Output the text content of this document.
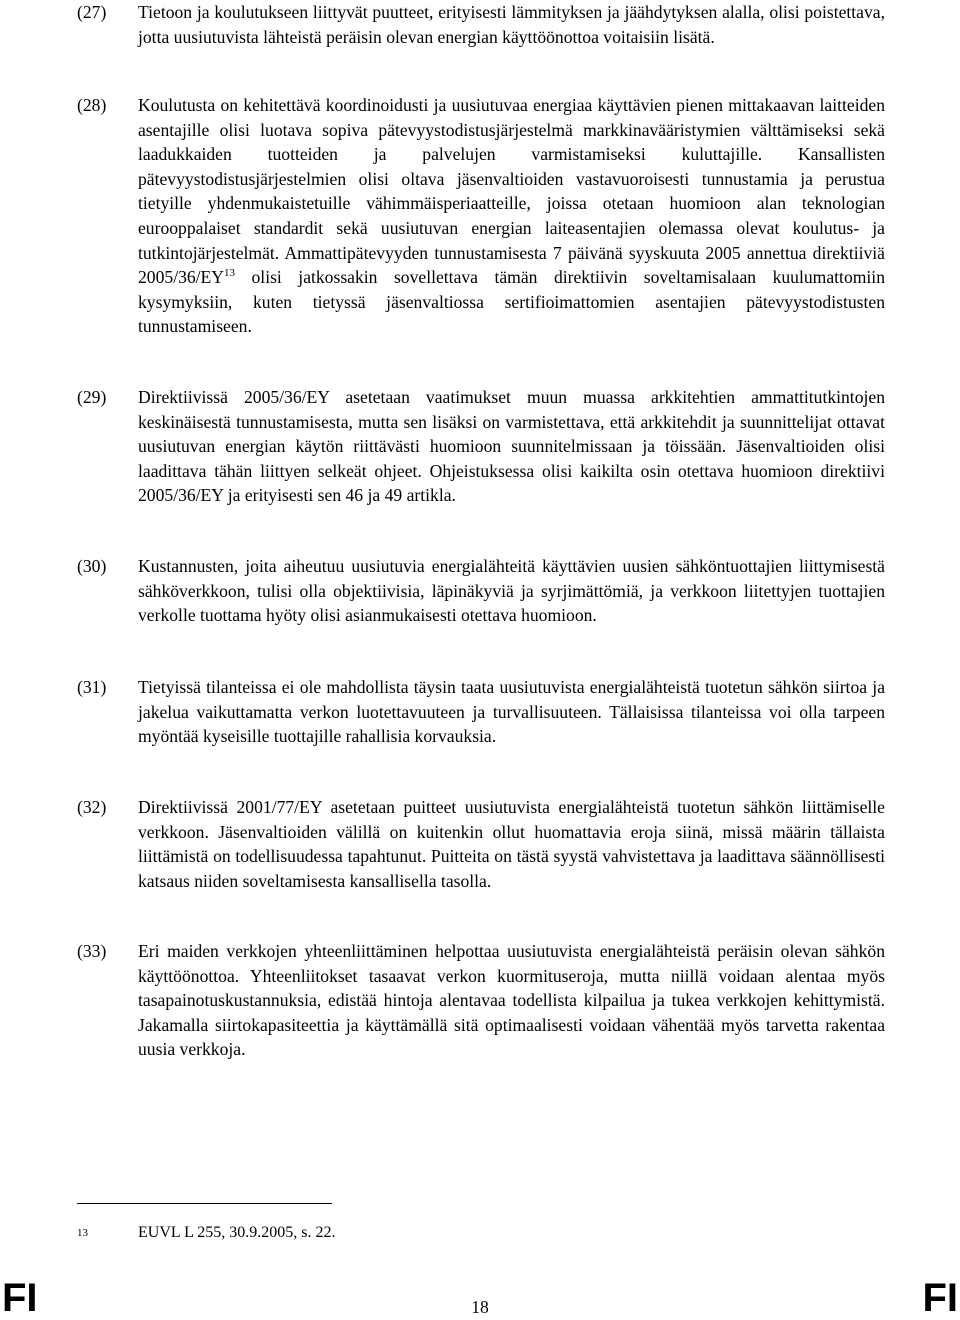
(27)	Tietoon ja koulutukseen liittyvät puutteet, erityisesti lämmityksen ja jäähdytyksen alalla, olisi poistettava, jotta uusiutuvista lähteistä peräisin olevan energian käyttöönottoa voitaisiin lisätä.
(28)	Koulutusta on kehitettävä koordinoidusti ja uusiutuvaa energiaa käyttävien pienen mittakaavan laitteiden asentajille olisi luotava sopiva pätevyystodistusjärjestelmä markkinavääristymien välttämiseksi sekä laadukkaiden tuotteiden ja palvelujen varmistamiseksi kuluttajille. Kansallisten pätevyystodistusjärjestelmien olisi oltava jäsenvaltioiden vastavuoroisesti tunnustamia ja perustua tietyille yhdenmukaistetuille vähimmäisperiaatteille, joissa otetaan huomioon alan teknologian eurooppalaiset standardit sekä uusiutuvan energian laiteasentajien olemassa olevat koulutus- ja tutkintojärjestelmät. Ammattipätevyyden tunnustamisesta 7 päivänä syyskuuta 2005 annettua direktiiviä 2005/36/EY$^{13}$ olisi jatkossakin sovellettava tämän direktiivin soveltamisalaan kuulumattomiin kysymyksiin, kuten tietyssä jäsenvaltiossa sertifioimattomien asentajien pätevyystodistusten tunnustamiseen.
(29)	Direktiivissä 2005/36/EY asetetaan vaatimukset muun muassa arkkitehtien ammattitutkintojen keskinäisestä tunnustamisesta, mutta sen lisäksi on varmistettava, että arkkitehdit ja suunnittelijat ottavat uusiutuvan energian käytön riittävästi huomioon suunnitelmissaan ja töissään. Jäsenvaltioiden olisi laadittava tähän liittyen selkeät ohjeet. Ohjeistuksessa olisi kaikilta osin otettava huomioon direktiivi 2005/36/EY ja erityisesti sen 46 ja 49 artikla.
(30)	Kustannusten, joita aiheutuu uusiutuvia energialähteitä käyttävien uusien sähköntuottajien liittymisestä sähköverkkoon, tulisi olla objektiivisia, läpinäkyviä ja syrjimättömiä, ja verkkoon liitettyjen tuottajien verkolle tuottama hyöty olisi asianmukaisesti otettava huomioon.
(31)	Tietyissä tilanteissa ei ole mahdollista täysin taata uusiutuvista energialähteistä tuotetun sähkön siirtoa ja jakelua vaikuttamatta verkon luotettavuuteen ja turvallisuuteen. Tällaisissa tilanteissa voi olla tarpeen myöntää kyseisille tuottajille rahallisia korvauksia.
(32)	Direktiivissä 2001/77/EY asetetaan puitteet uusiutuvista energialähteistä tuotetun sähkön liittämiselle verkkoon. Jäsenvaltioiden välillä on kuitenkin ollut huomattavia eroja siinä, missä määrin tällaista liittämistä on todellisuudessa tapahtunut. Puitteita on tästä syystä vahvistettava ja laadittava säännöllisesti katsaus niiden soveltamisesta kansallisella tasolla.
(33)	Eri maiden verkkojen yhteenliittäminen helpottaa uusiutuvista energialähteistä peräisin olevan sähkön käyttöönottoa. Yhteenliitokset tasaavat verkon kuormituseroja, mutta niillä voidaan alentaa myös tasapainotuskustannuksia, edistää hintoja alentavaa todellista kilpailua ja tukea verkkojen kehittymistä. Jakamalla siirtokapasiteettia ja käyttämällä sitä optimaalisesti voidaan vähentää myös tarvetta rakentaa uusia verkkoja.
13	EUVL L 255, 30.9.2005, s. 22.
FI	18	FI
